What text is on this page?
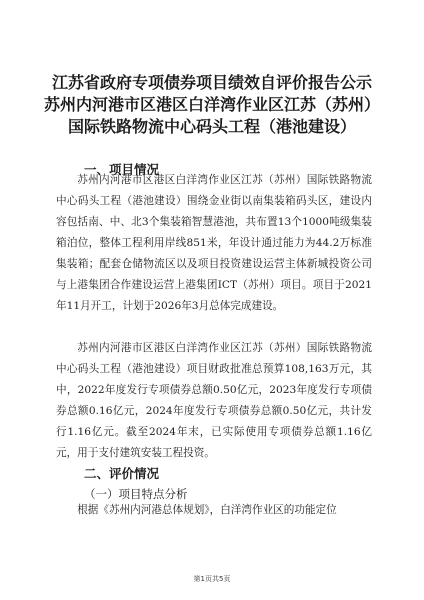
江苏省政府专项债券项目绩效自评价报告公示
苏州内河港市区港区白洋湾作业区江苏（苏州）
国际铁路物流中心码头工程（港池建设）
一、项目情况

苏州内河港市区港区白洋湾作业区江苏（苏州）国际铁路物流中心码头工程（港池建设）围绕金业街以南集装箱码头区，建设内容包括南、中、北3个集装箱智慧港池，共布置13个1000吨级集装箱泊位，整体工程利用岸线851米，年设计通过能力为44.2万标准集装箱；配套仓储物流区以及项目投资建设运营主体新城投资公司与上港集团合作建设运营上港集团ICT（苏州）项目。项目于2021年11月开工，计划于2026年3月总体完成建设。

苏州内河港市区港区白洋湾作业区江苏（苏州）国际铁路物流中心码头工程（港池建设）项目财政批准总预算108,163万元，其中，2022年度发行专项债券总额0.50亿元，2023年度发行专项债券总额0.16亿元，2024年度发行专项债券总额0.50亿元，共计发行1.16亿元。截至2024年末，已实际使用专项债券总额1.16亿元，用于支付建筑安装工程投资。

二、评价情况
（一）项目特点分析

根据《苏州内河港总体规划》，白洋湾作业区的功能定位

第1页共5页
